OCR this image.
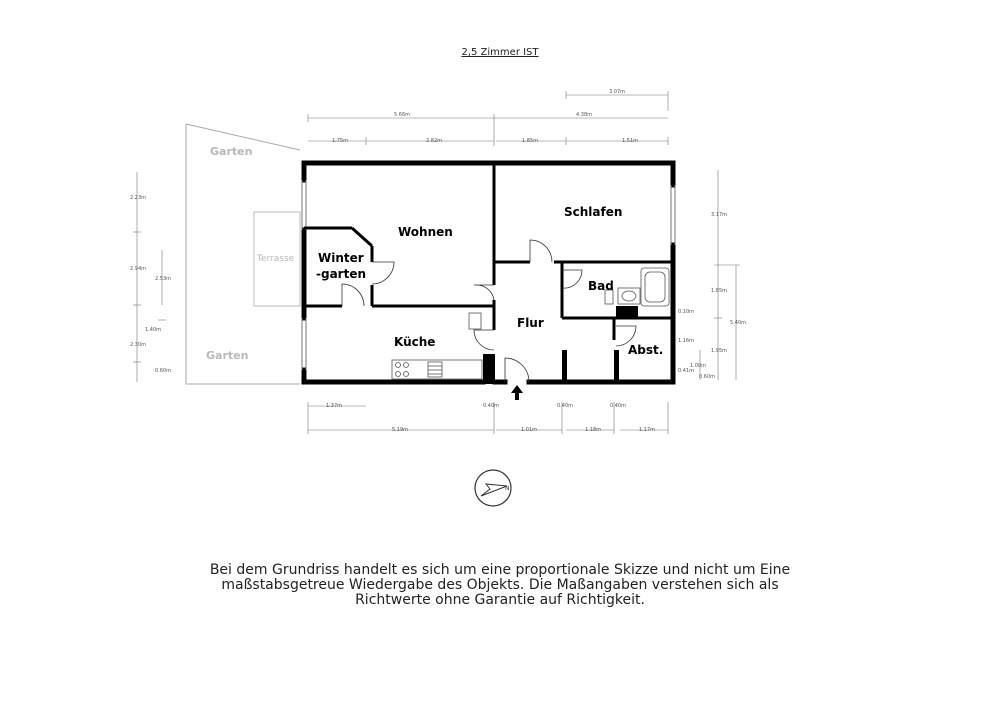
2,5 Zimmer IST
Garten
Garten
Terrasse
Wohnen
Schlafen
Winter
-garten
Bad
Flur
Küche
Abst.
3.07m
5.66m	4.38m
1.75m	2.82m	1.85m	1.51m
2.23m
2.94m
2.53m
1.40m
2.30m
0.60m
3.17m
1.85m
5.40m
0.10m
1.16m
1.95m
1.00m
0.41m
0.60m
1.37m	0.40m	0.40m	0.40m
5.19m	1.01m	1.18m	1.17m
N

Bei dem Grundriss handelt es sich um eine proportionale Skizze und nicht um Eine

maßstabsgetreue Wiedergabe des Objekts. Die Maßangaben verstehen sich als

Richtwerte ohne Garantie auf Richtigkeit.
